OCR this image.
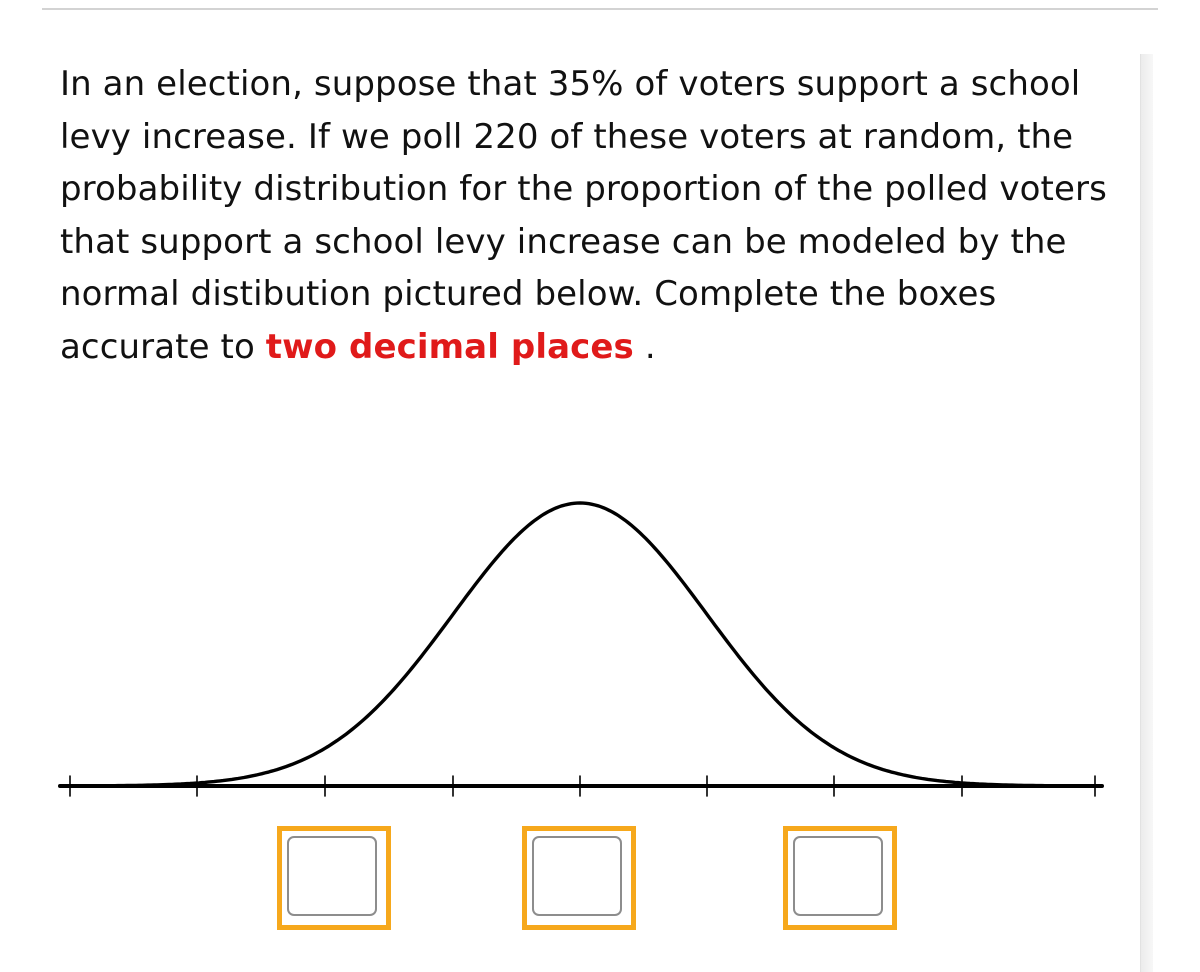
In an election, suppose that 35% of voters support a school levy increase. If we poll 220 of these voters at random, the probability distribution for the proportion of the polled voters that support a school levy increase can be modeled by the normal distibution pictured below. Complete the boxes accurate to two decimal places .
